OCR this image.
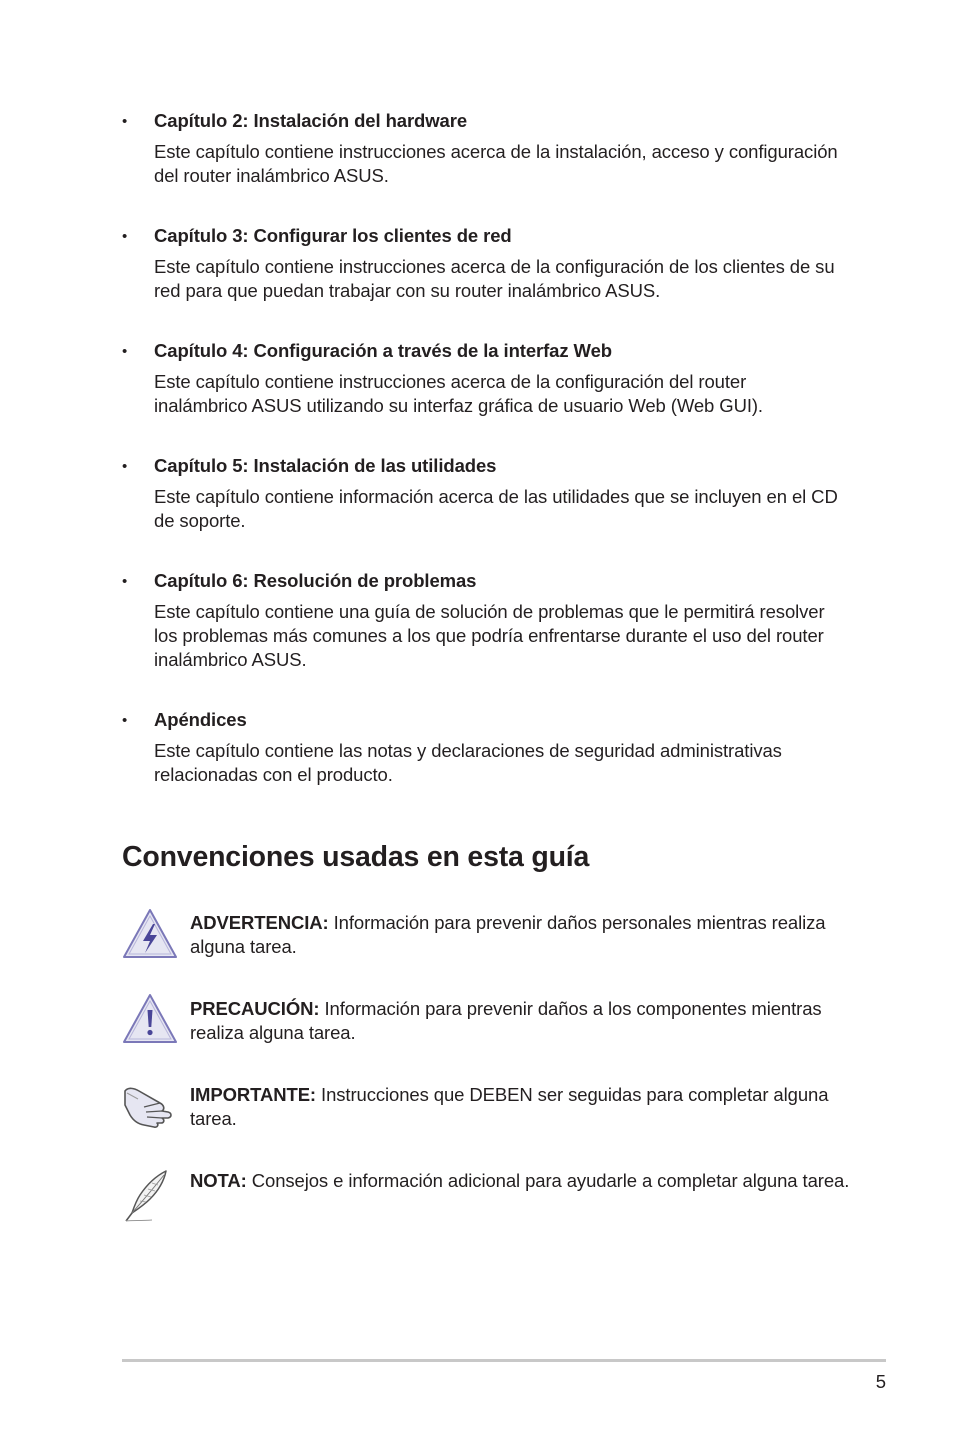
• Capítulo 2: Instalación del hardware
Este capítulo contiene instrucciones acerca de la instalación, acceso y configuración del router inalámbrico ASUS.
• Capítulo 3: Configurar los clientes de red
Este capítulo contiene instrucciones acerca de la configuración de los clientes de su red para que puedan trabajar con su router inalámbrico ASUS.
• Capítulo 4: Configuración a través de la interfaz Web
Este capítulo contiene instrucciones acerca de la configuración del router inalámbrico ASUS utilizando su interfaz gráfica de usuario Web (Web GUI).
• Capítulo 5: Instalación de las utilidades
Este capítulo contiene información acerca de las utilidades que se incluyen en el CD de soporte.
• Capítulo 6: Resolución de problemas
Este capítulo contiene una guía de solución de problemas que le permitirá resolver los problemas más comunes a los que podría enfrentarse durante el uso del router inalámbrico ASUS.
• Apéndices
Este capítulo contiene las notas y declaraciones de seguridad administrativas relacionadas con el producto.
Convenciones usadas en esta guía
ADVERTENCIA: Información para prevenir daños personales mientras realiza alguna tarea.
PRECAUCIÓN: Información para prevenir daños a los componentes mientras realiza alguna tarea.
IMPORTANTE: Instrucciones que DEBEN ser seguidas para completar alguna tarea.
NOTA: Consejos e información adicional para ayudarle a completar alguna tarea.
5
